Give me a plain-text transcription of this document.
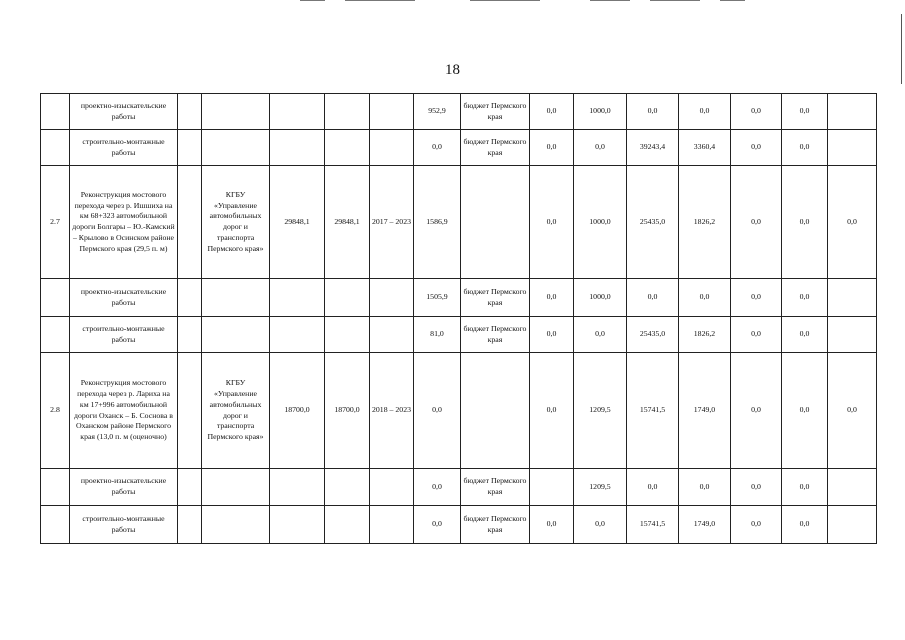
18
	проектно-изыскательские работы						952,9	бюджет Пермского края	0,0	1000,0	0,0	0,0	0,0	0,0	
	строительно-монтажные работы						0,0	бюджет Пермского края	0,0	0,0	39243,4	3360,4	0,0	0,0	
2.7	Реконструкция мостового перехода через р. Ишшиха на км 68+323 автомобильной дороги Болгары – Ю.-Камский – Крылово в Осинском районе Пермского края (29,5 п. м)		КГБУ «Управление автомобильных дорог и транспорта Пермского края»	29848,1	29848,1	2017 – 2023	1586,9		0,0	1000,0	25435,0	1826,2	0,0	0,0	0,0
	проектно-изыскательские работы						1505,9	бюджет Пермского края	0,0	1000,0	0,0	0,0	0,0	0,0	
	строительно-монтажные работы						81,0	бюджет Пермского края	0,0	0,0	25435,0	1826,2	0,0	0,0	
2.8	Реконструкция мостового перехода через р. Лариха на км 17+996 автомобильной дороги Оханск – Б. Соснова в Оханском районе Пермского края (13,0 п. м (оценочно)		КГБУ «Управление автомобильных дорог и транспорта Пермского края»	18700,0	18700,0	2018 – 2023	0,0		0,0	1209,5	15741,5	1749,0	0,0	0,0	0,0
	проектно-изыскательские работы						0,0	бюджет Пермского края		1209,5	0,0	0,0	0,0	0,0	
	строительно-монтажные работы						0,0	бюджет Пермского края	0,0	0,0	15741,5	1749,0	0,0	0,0	
